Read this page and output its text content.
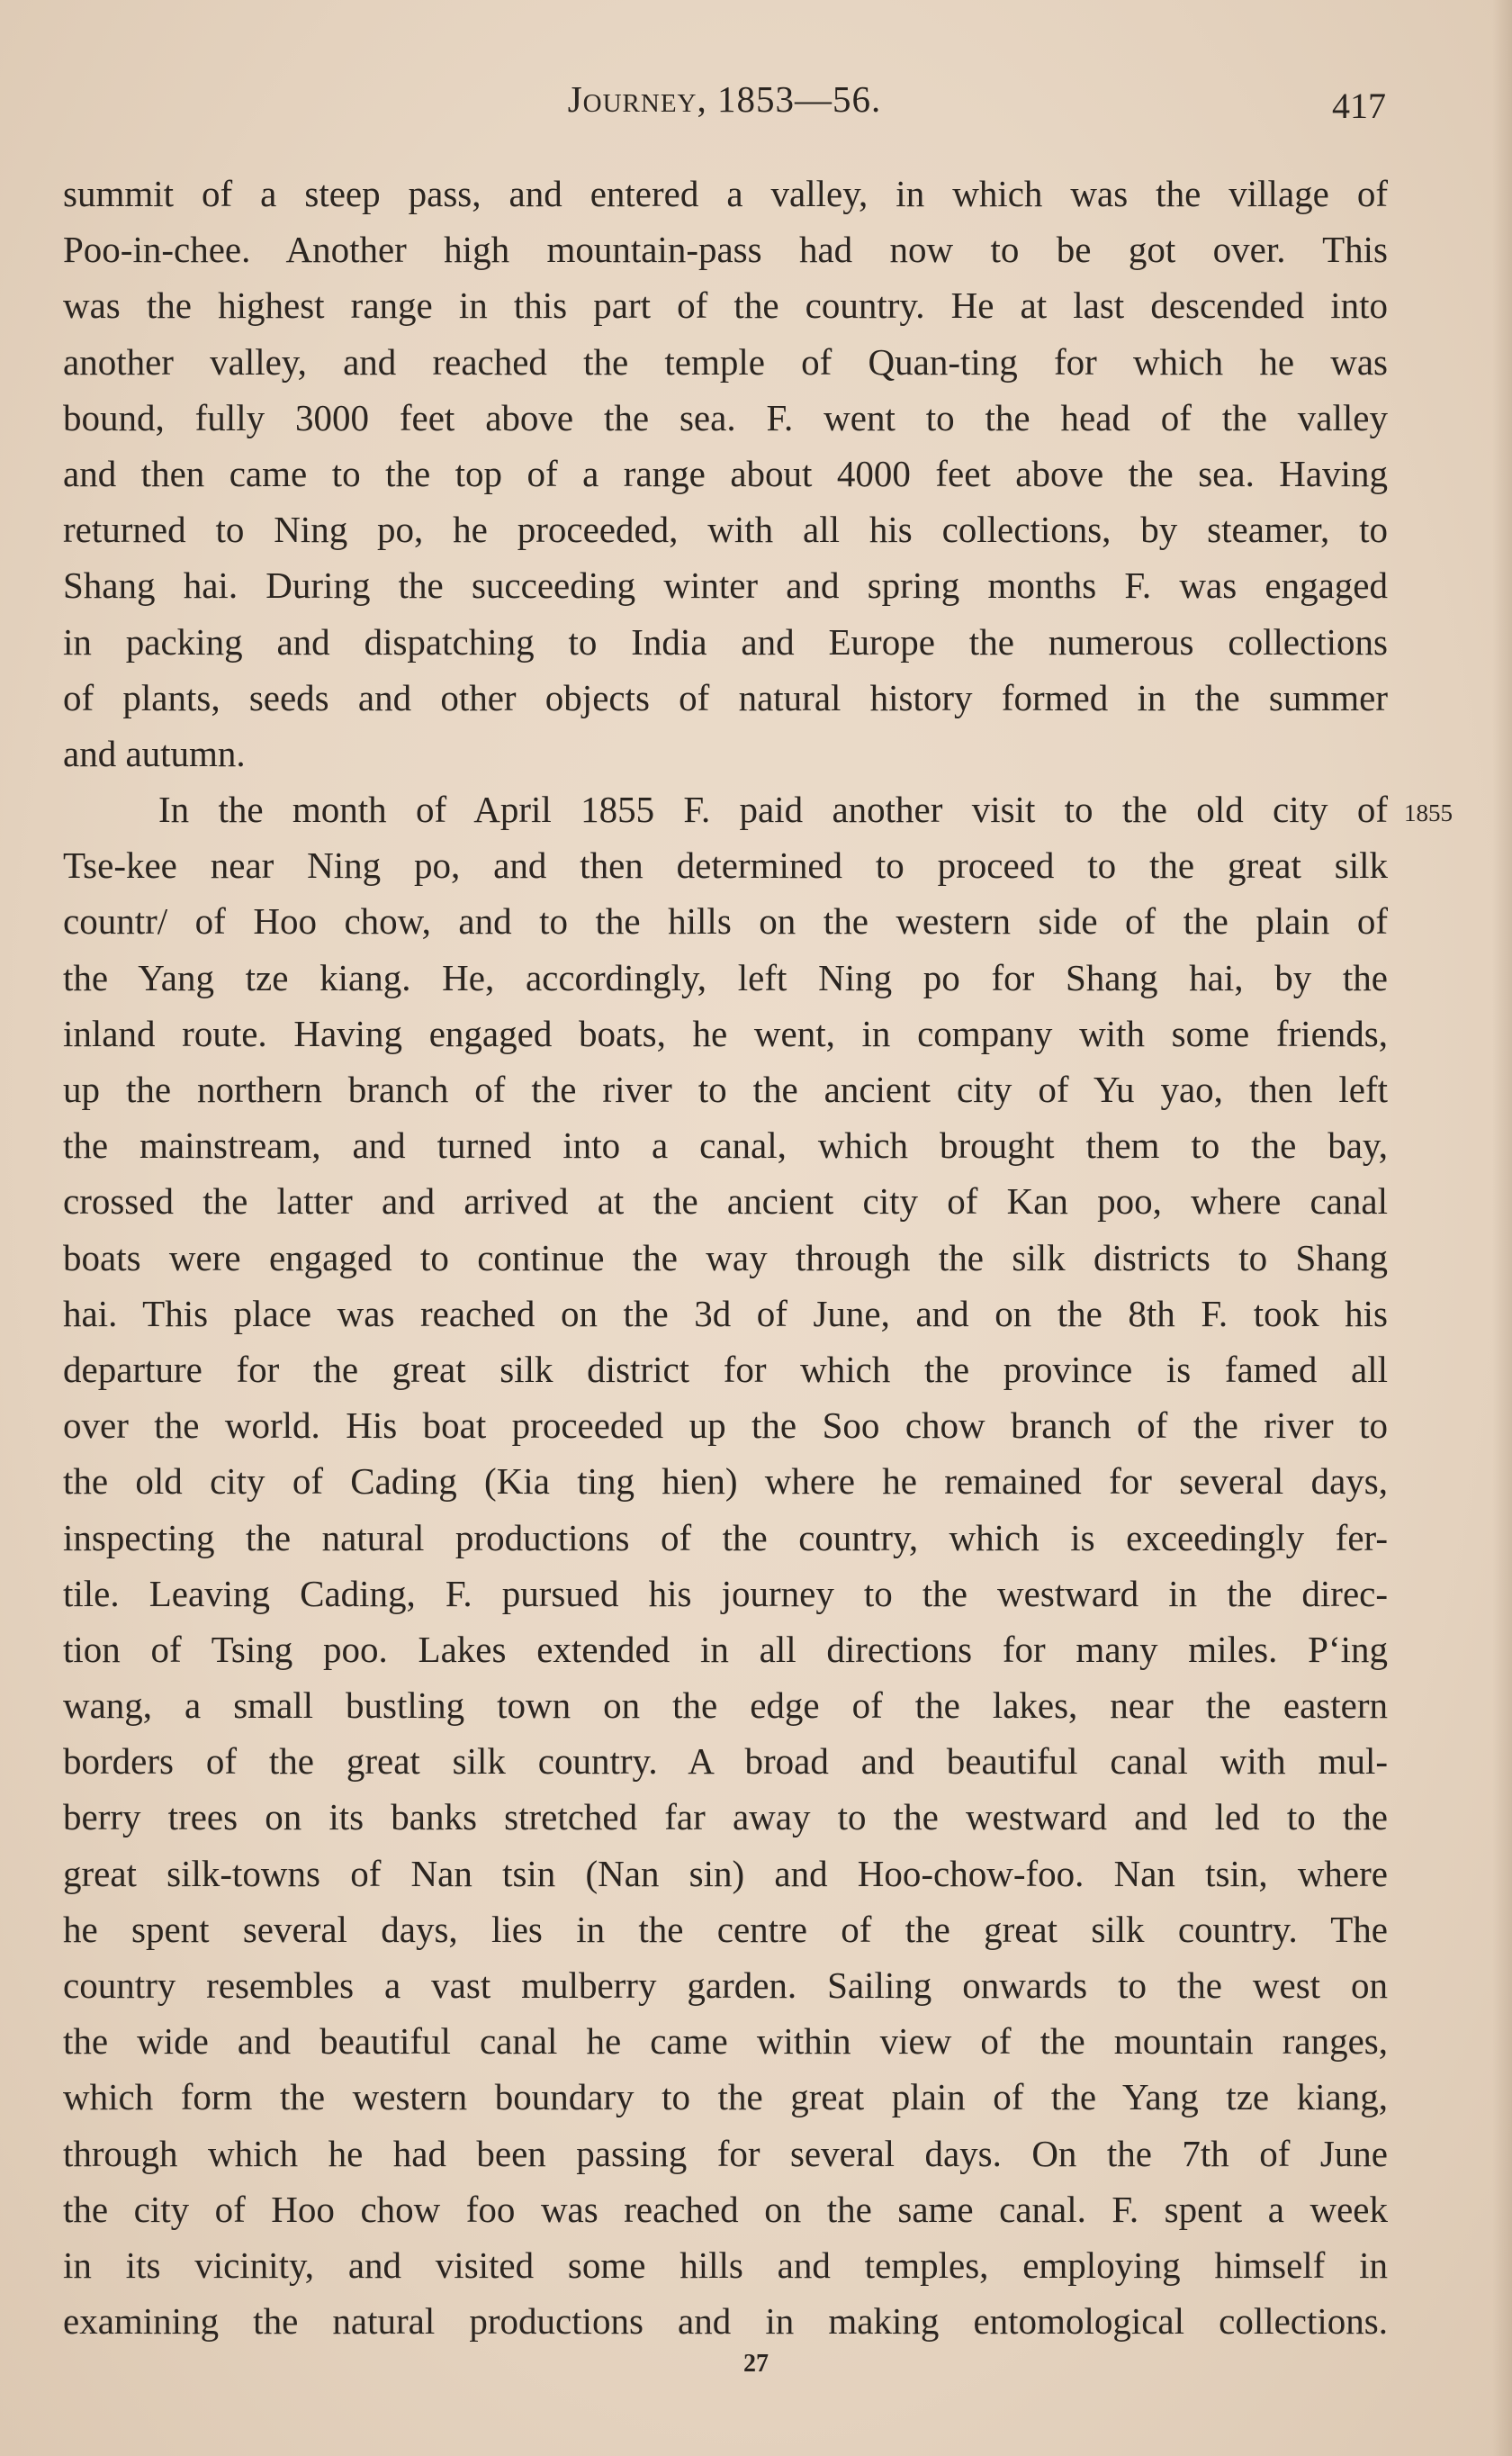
Journey, 1853—56.	417
summit of a steep pass, and entered a valley, in which was the village of
Poo-in-chee. Another high mountain-pass had now to be got over. This
was the highest range in this part of the country. He at last descended into
another valley, and reached the temple of Quan-ting for which he was
bound, fully 3000 feet above the sea. F. went to the head of the valley
and then came to the top of a range about 4000 feet above the sea. Having
returned to Ning po, he proceeded, with all his collections, by steamer, to
Shang hai. During the succeeding winter and spring months F. was engaged
in packing and dispatching to India and Europe the numerous collections
of plants, seeds and other objects of natural history formed in the summer
and autumn.
In the month of April 1855 F. paid another visit to the old city of
Tse-kee near Ning po, and then determined to proceed to the great silk
countr/ of Hoo chow, and to the hills on the western side of the plain of
the Yang tze kiang. He, accordingly, left Ning po for Shang hai, by the
inland route. Having engaged boats, he went, in company with some friends,
up the northern branch of the river to the ancient city of Yu yao, then left
the mainstream, and turned into a canal, which brought them to the bay,
crossed the latter and arrived at the ancient city of Kan poo, where canal
boats were engaged to continue the way through the silk districts to Shang
hai. This place was reached on the 3d of June, and on the 8th F. took his
departure for the great silk district for which the province is famed all
over the world. His boat proceeded up the Soo chow branch of the river to
the old city of Cading (Kia ting hien) where he remained for several days,
inspecting the natural productions of the country, which is exceedingly fer-
tile. Leaving Cading, F. pursued his journey to the westward in the direc-
tion of Tsing poo. Lakes extended in all directions for many miles. Pʻing
wang, a small bustling town on the edge of the lakes, near the eastern
borders of the great silk country. A broad and beautiful canal with mul-
berry trees on its banks stretched far away to the westward and led to the
great silk-towns of Nan tsin (Nan sin) and Hoo-chow-foo. Nan tsin, where
he spent several days, lies in the centre of the great silk country. The
country resembles a vast mulberry garden. Sailing onwards to the west on
the wide and beautiful canal he came within view of the mountain ranges,
which form the western boundary to the great plain of the Yang tze kiang,
through which he had been passing for several days. On the 7th of June
the city of Hoo chow foo was reached on the same canal. F. spent a week
in its vicinity, and visited some hills and temples, employing himself in
examining the natural productions and in making entomological collections.
1855
27
